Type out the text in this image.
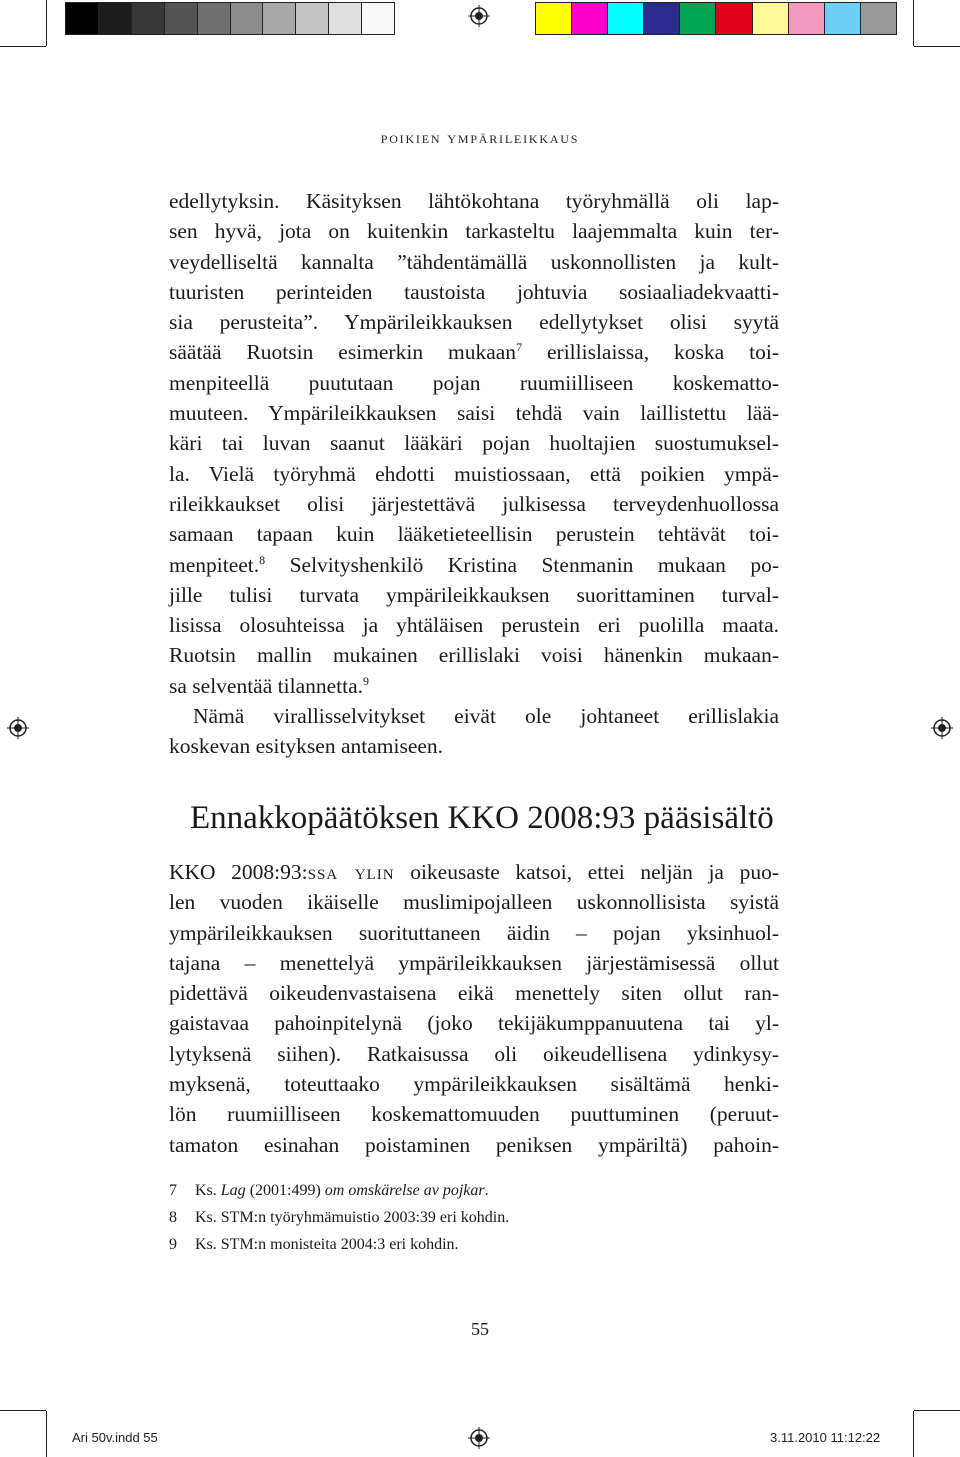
poikien ympärileikkaus
edellytyksin. Käsityksen lähtökohtana työryhmällä oli lap-
sen hyvä, jota on kuitenkin tarkasteltu laajemmalta kuin ter-
veydelliseltä kannalta ”tähdentämällä uskonnollisten ja kult-
tuuristen perinteiden taustoista johtuvia sosiaaliadekvaatti-
sia perusteita”. Ympärileikkauksen edellytykset olisi syytä
säätää Ruotsin esimerkin mukaan$^7$ erillislaissa, koska toi-
menpiteellä puututaan pojan ruumiilliseen koskematto-
muuteen. Ympärileikkauksen saisi tehdä vain laillistettu lää-
käri tai luvan saanut lääkäri pojan huoltajien suostumuksel-
la. Vielä työryhmä ehdotti muistiossaan, että poikien ympä-
rileikkaukset olisi järjestettävä julkisessa terveydenhuollossa
samaan tapaan kuin lääketieteellisin perustein tehtävät toi-
menpiteet.$^8$ Selvityshenkilö Kristina Stenmanin mukaan po-
jille tulisi turvata ympärileikkauksen suorittaminen turval-
lisissa olosuhteissa ja yhtäläisen perustein eri puolilla maata.
Ruotsin mallin mukainen erillislaki voisi hänenkin mukaan-
sa selventää tilannetta.$^9$
Nämä virallisselvitykset eivät ole johtaneet erillislakia
koskevan esityksen antamiseen.
Ennakkopäätöksen KKO 2008:93 pääsisältö
KKO 2008:93:ssa ylin oikeusaste katsoi, ettei neljän ja puo-
len vuoden ikäiselle muslimipojalleen uskonnollisista syistä
ympärileikkauksen suorituttaneen äidin – pojan yksinhuol-
tajana – menettelyä ympärileikkauksen järjestämisessä ollut
pidettävä oikeudenvastaisena eikä menettely siten ollut ran-
gaistavaa pahoinpitelynä (joko tekijäkumppanuutena tai yl-
lytyksenä siihen). Ratkaisussa oli oikeudellisena ydinkysy-
myksenä, toteuttaako ympärileikkauksen sisältämä henki-
lön ruumiilliseen koskemattomuuden puuttuminen (peruut-
tamaton esinahan poistaminen peniksen ympäriltä) pahoin-
7 Ks. Lag (2001:499) om omskärelse av pojkar.
8 Ks. STM:n työryhmämuistio 2003:39 eri kohdin.
9 Ks. STM:n monisteita 2004:3 eri kohdin.
55
Ari 50v.indd 55	3.11.2010 11:12:22
